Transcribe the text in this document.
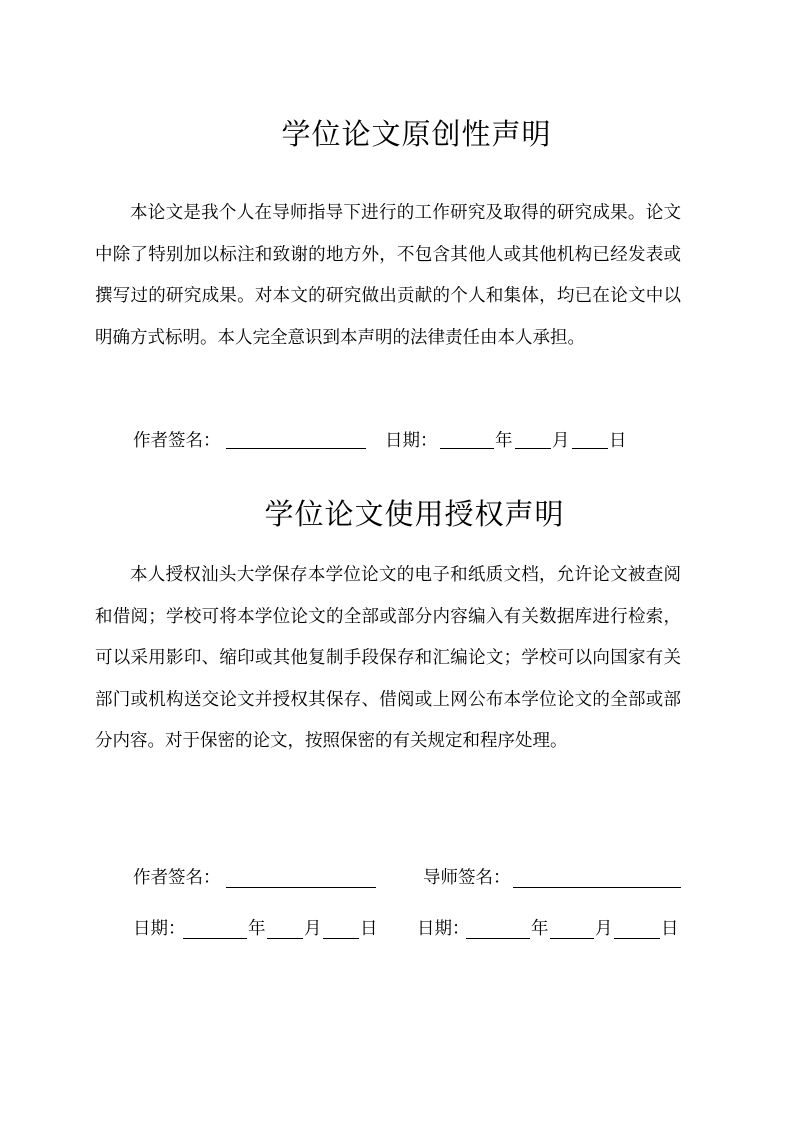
学位论文原创性声明

本论文是我个人在导师指导下进行的工作研究及取得的研究成果。论文中除了特别加以标注和致谢的地方外，不包含其他人或其他机构已经发表或撰写过的研究成果。对本文的研究做出贡献的个人和集体，均已在论文中以明确方式标明。本人完全意识到本声明的法律责任由本人承担。

作者签名：	日期：	年 月 日
学位论文使用授权声明

本人授权汕头大学保存本学位论文的电子和纸质文档，允许论文被查阅和借阅；学校可将本学位论文的全部或部分内容编入有关数据库进行检索，可以采用影印、缩印或其他复制手段保存和汇编论文；学校可以向国家有关部门或机构送交论文并授权其保存、借阅或上网公布本学位论文的全部或部分内容。对于保密的论文，按照保密的有关规定和程序处理。

作者签名：	导师签名：
日期：	年 月 日 日期：	年	月	日
